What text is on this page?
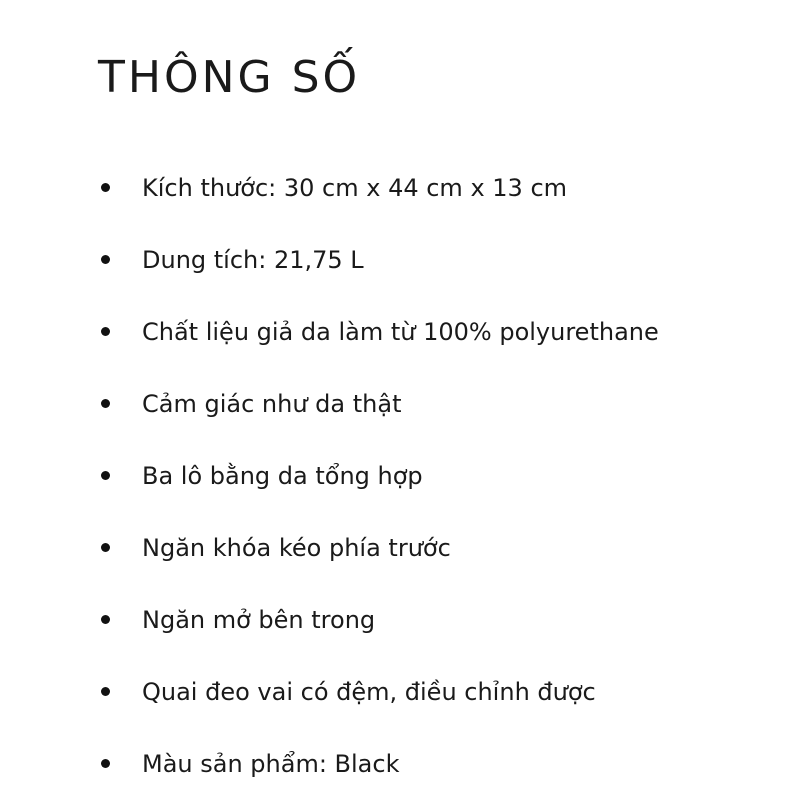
THÔNG SỐ
Kích thước: 30 cm x 44 cm x 13 cm
Dung tích: 21,75 L
Chất liệu giả da làm từ 100% polyurethane
Cảm giác như da thật
Ba lô bằng da tổng hợp
Ngăn khóa kéo phía trước
Ngăn mở bên trong
Quai đeo vai có đệm, điều chỉnh được
Màu sản phẩm: Black
